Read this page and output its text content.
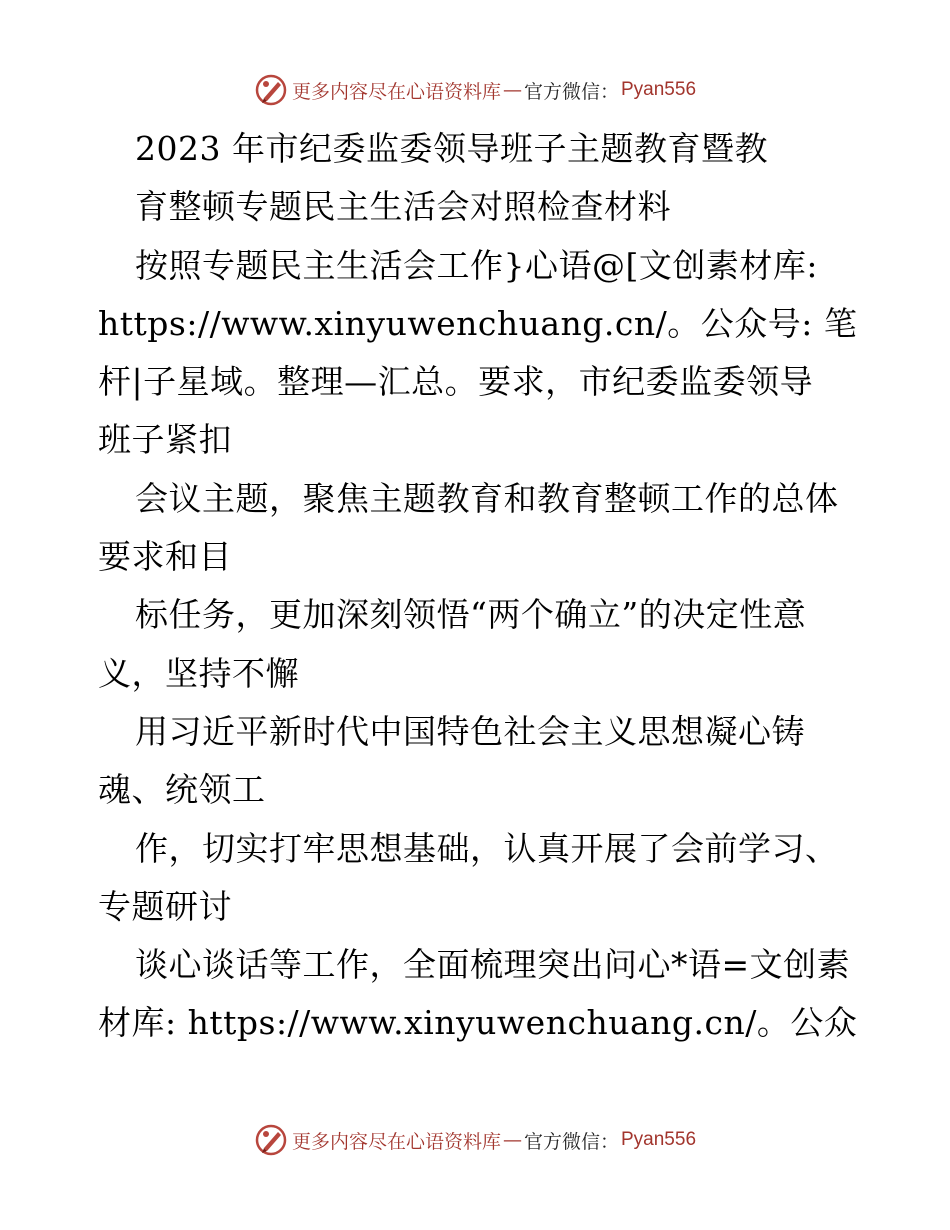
更多内容尽在心语资料库 — 官方微信： Pyan556
2023 年市纪委监委领导班子主题教育暨教
育整顿专题民主生活会对照检查材料
按照专题民主生活会工作}心语@[文创素材库:
https://www.xinyuwenchuang.cn/。公众号: 笔
杆|子星域。整理—汇总。要求，市纪委监委领导
班子紧扣
会议主题，聚焦主题教育和教育整顿工作的总体
要求和目
标任务，更加深刻领悟“两个确立”的决定性意
义，坚持不懈
用习近平新时代中国特色社会主义思想凝心铸
魂、统领工
作，切实打牢思想基础，认真开展了会前学习、
专题研讨
谈心谈话等工作，全面梳理突出问心*语=文创素
材库: https://www.xinyuwenchuang.cn/。公众
更多内容尽在心语资料库 — 官方微信： Pyan556
